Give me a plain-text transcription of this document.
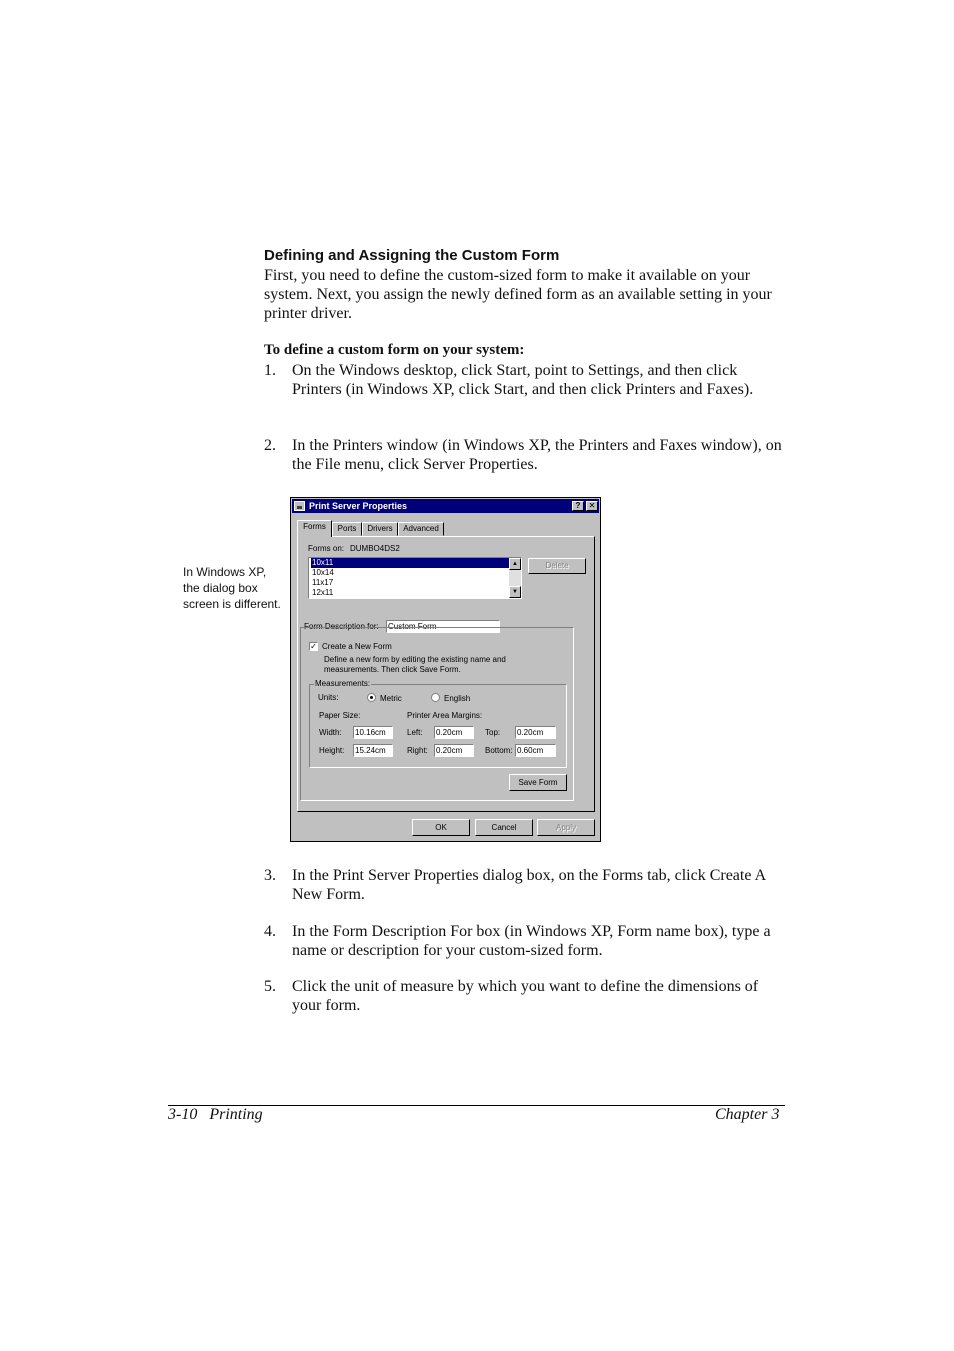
Defining and Assigning the Custom Form

First, you need to define the custom-sized form to make it available on your system. Next, you assign the newly defined form as an available setting in your printer driver.

To define a custom form on your system:

1. On the Windows desktop, click Start, point to Settings, and then click Printers (in Windows XP, click Start, and then click Printers and Faxes).
2. In the Printers window (in Windows XP, the Printers and Faxes window), on the File menu, click Server Properties.
In Windows XP, the dialog box screen is different.
Print Server Properties	?	✕
Forms	Ports	Drivers	Advanced
Forms on: DUMBO4DS2
10x11
10x14
11x17
12x11
▲
▼
Delete
Form Description for: Custom Form
✓ Create a New Form
Define a new form by editing the existing name and measurements. Then click Save Form.
Measurements:
Units:	Metric	English
Paper Size:	Printer Area Margins:
Width: 10.16cm	Left: 0.20cm	Top: 0.20cm
Height: 15.24cm	Right: 0.20cm	Bottom: 0.60cm
Save Form
OK	Cancel	Apply
3. In the Print Server Properties dialog box, on the Forms tab, click Create A New Form.
4. In the Form Description For box (in Windows XP, Form name box), type a name or description for your custom-sized form.
5. Click the unit of measure by which you want to define the dimensions of your form.
3-10   Printing	Chapter 3
